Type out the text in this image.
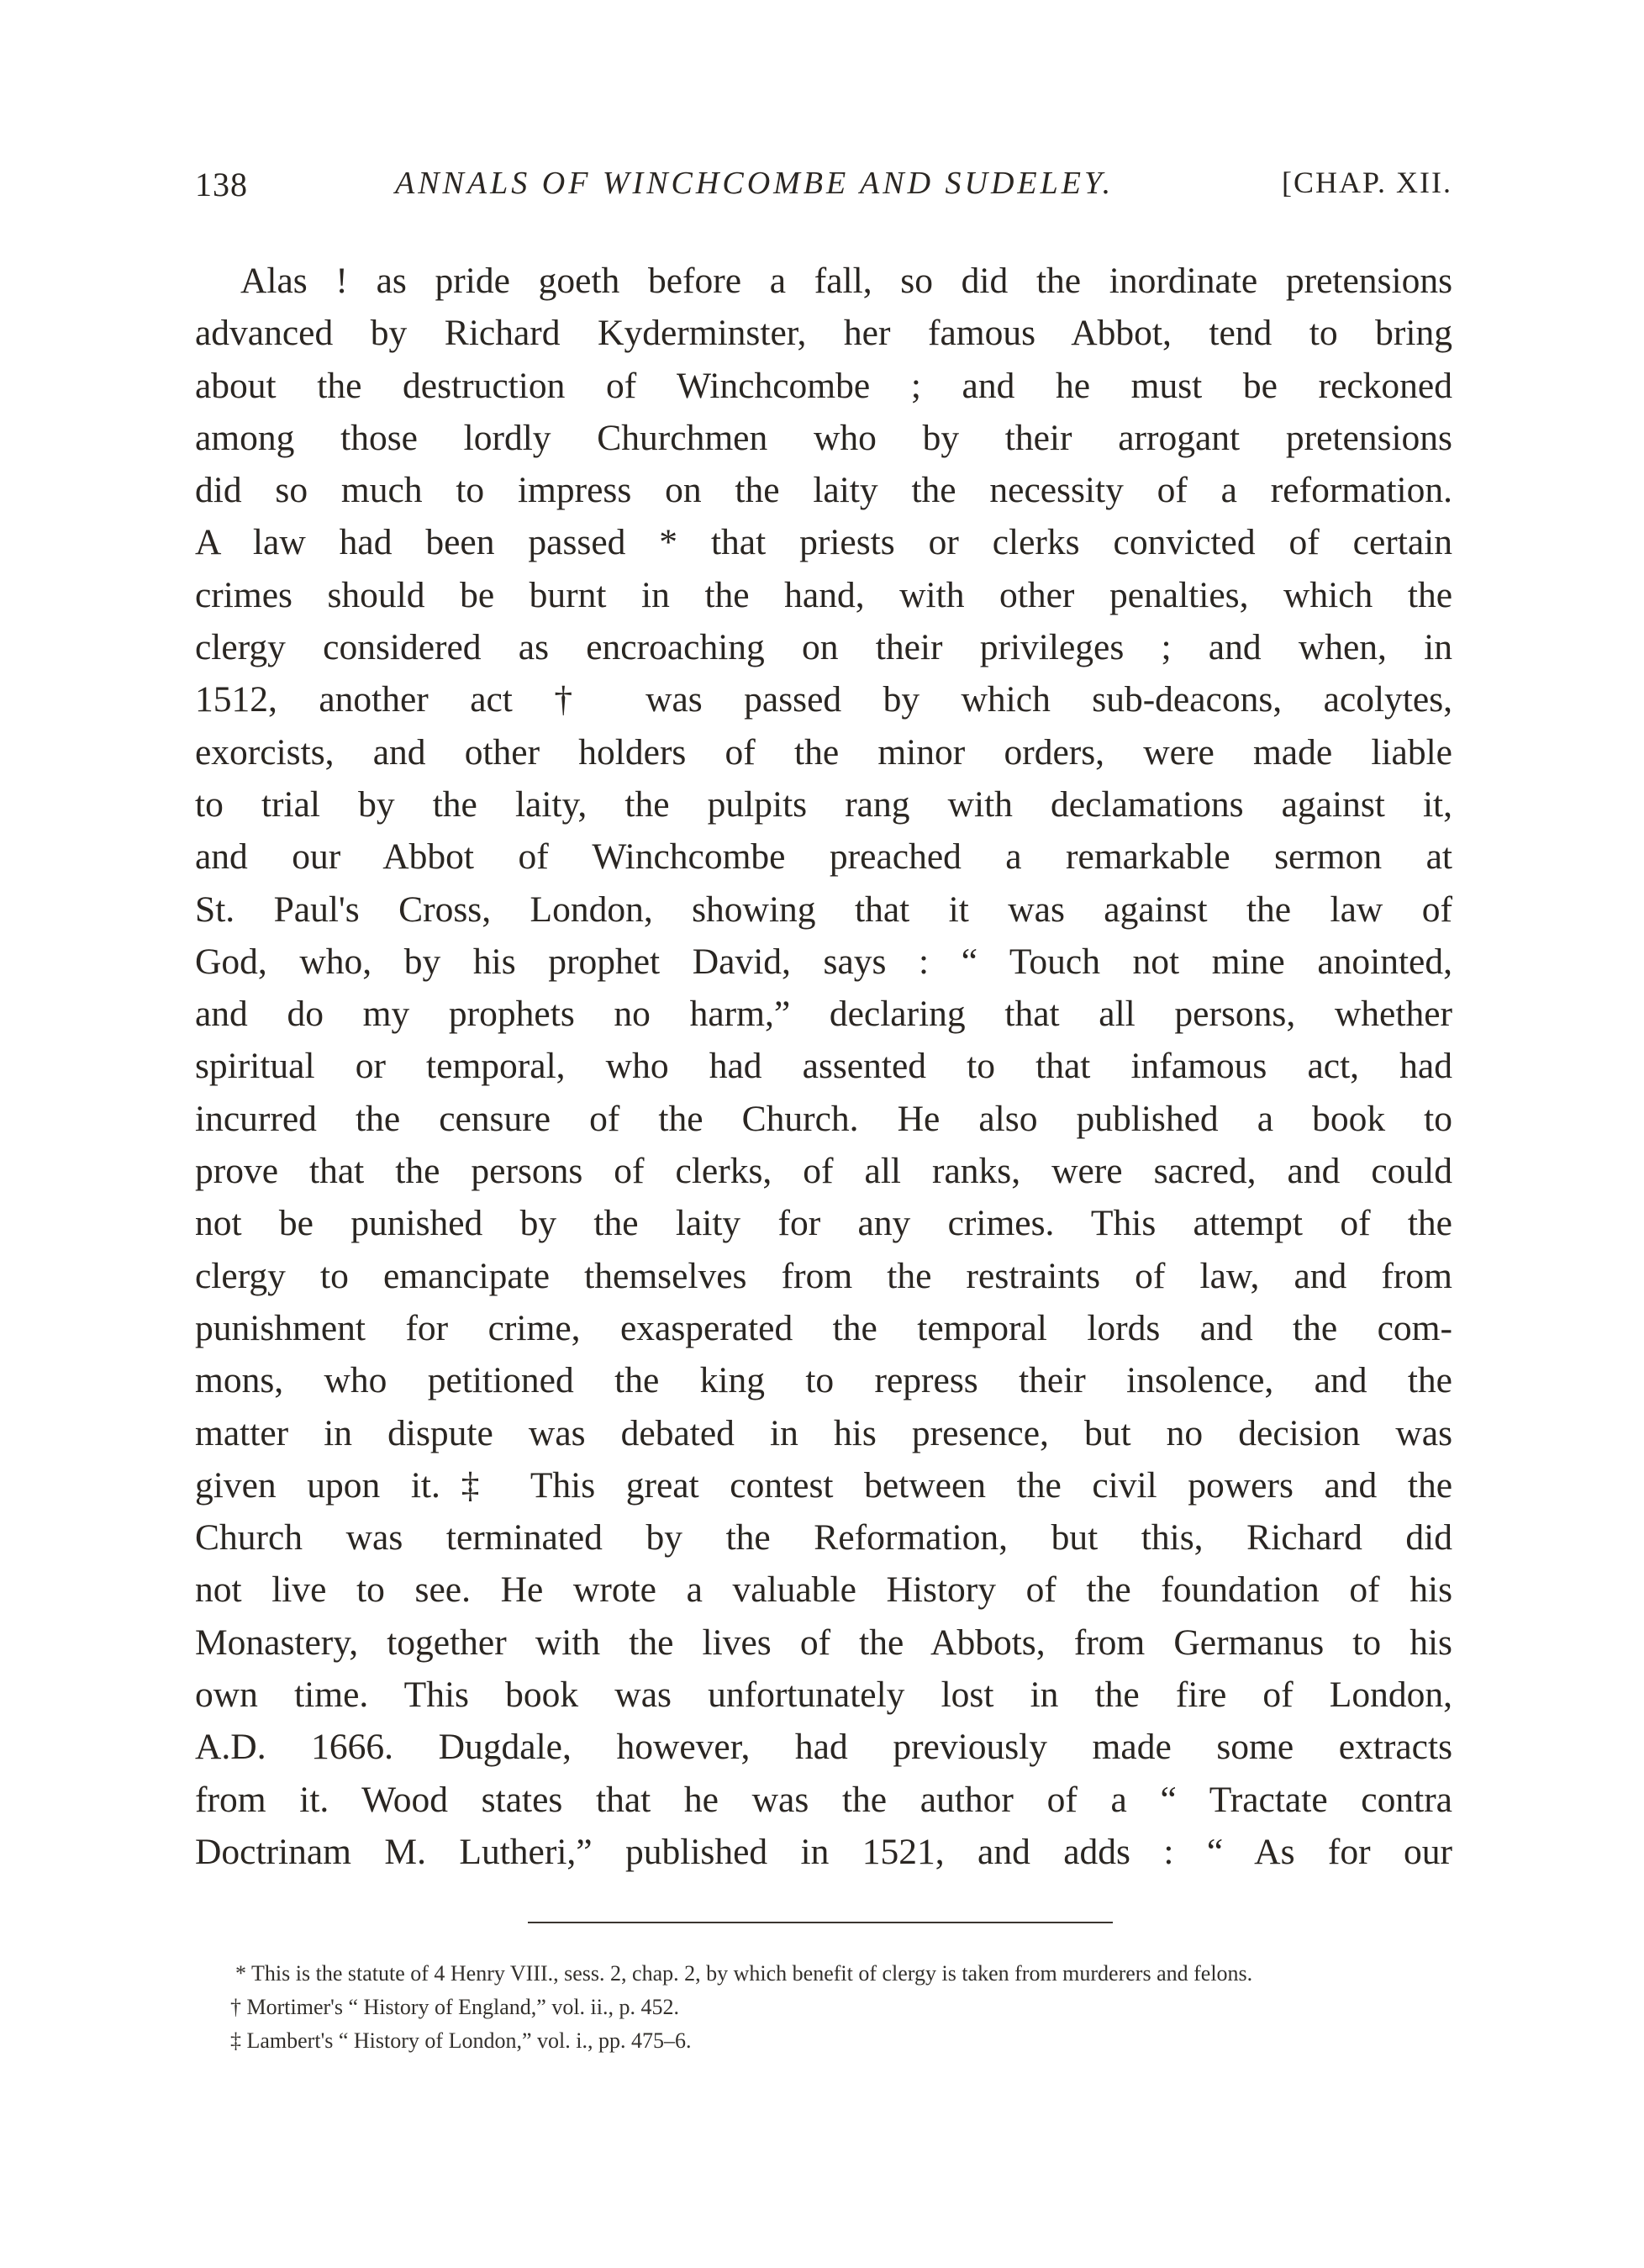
138	ANNALS OF WINCHCOMBE AND SUDELEY.	[CHAP. XII.
Alas ! as pride goeth before a fall, so did the inordinate pretensions
advanced by Richard Kyderminster, her famous Abbot, tend to bring
about the destruction of Winchcombe ; and he must be reckoned
among those lordly Churchmen who by their arrogant pretensions
did so much to impress on the laity the necessity of a reformation.
A law had been passed * that priests or clerks convicted of certain
crimes should be burnt in the hand, with other penalties, which the
clergy considered as encroaching on their privileges ; and when, in
1512, another act † was passed by which sub-deacons, acolytes,
exorcists, and other holders of the minor orders, were made liable
to trial by the laity, the pulpits rang with declamations against it,
and our Abbot of Winchcombe preached a remarkable sermon at
St. Paul's Cross, London, showing that it was against the law of
God, who, by his prophet David, says : “ Touch not mine anointed,
and do my prophets no harm,” declaring that all persons, whether
spiritual or temporal, who had assented to that infamous act, had
incurred the censure of the Church. He also published a book to
prove that the persons of clerks, of all ranks, were sacred, and could
not be punished by the laity for any crimes. This attempt of the
clergy to emancipate themselves from the restraints of law, and from
punishment for crime, exasperated the temporal lords and the com-
mons, who petitioned the king to repress their insolence, and the
matter in dispute was debated in his presence, but no decision was
given upon it.‡ This great contest between the civil powers and the
Church was terminated by the Reformation, but this, Richard did
not live to see. He wrote a valuable History of the foundation of his
Monastery, together with the lives of the Abbots, from Germanus to his
own time. This book was unfortunately lost in the fire of London,
A.D. 1666. Dugdale, however, had previously made some extracts
from it. Wood states that he was the author of a “ Tractate contra
Doctrinam M. Lutheri,” published in 1521, and adds : “ As for our
* This is the statute of 4 Henry VIII., sess. 2, chap. 2, by which benefit of clergy is taken from murderers and felons.
† Mortimer's “ History of England,” vol. ii., p. 452.
‡ Lambert's “ History of London,” vol. i., pp. 475–6.
